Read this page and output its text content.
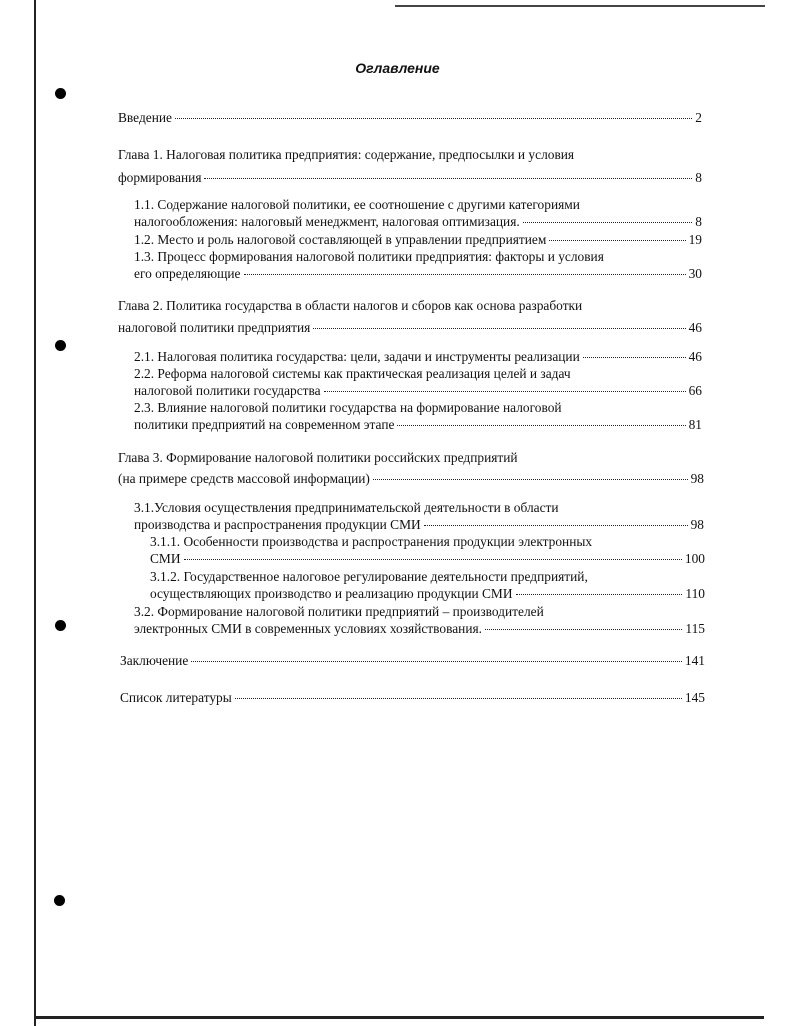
Оглавление
Введение	2
Глава 1. Налоговая политика предприятия: содержание, предпосылки и условия
формирования	8
1.1. Содержание налоговой политики, ее соотношение с другими категориями
налогообложения: налоговый менеджмент, налоговая оптимизация.	8
1.2. Место и роль налоговой составляющей в управлении предприятием	19
1.3. Процесс формирования налоговой политики предприятия: факторы и условия
его определяющие	30
Глава 2. Политика государства в области налогов и сборов как основа разработки
налоговой политики предприятия	46
2.1. Налоговая политика государства: цели, задачи и инструменты реализации	46
2.2. Реформа налоговой системы как практическая реализация целей и задач
налоговой политики государства	66
2.3. Влияние налоговой политики государства на формирование налоговой
политики предприятий на современном этапе	81
Глава 3. Формирование налоговой политики российских предприятий
(на примере средств массовой информации)	98
3.1.Условия осуществления предпринимательской деятельности в области
производства и распространения продукции СМИ	98
3.1.1. Особенности производства и распространения продукции электронных
СМИ	100
3.1.2. Государственное налоговое регулирование деятельности предприятий,
осуществляющих производство и реализацию продукции СМИ	110
3.2. Формирование налоговой политики предприятий – производителей
электронных СМИ в современных условиях хозяйствования.	115
Заключение	141
Список литературы	145
